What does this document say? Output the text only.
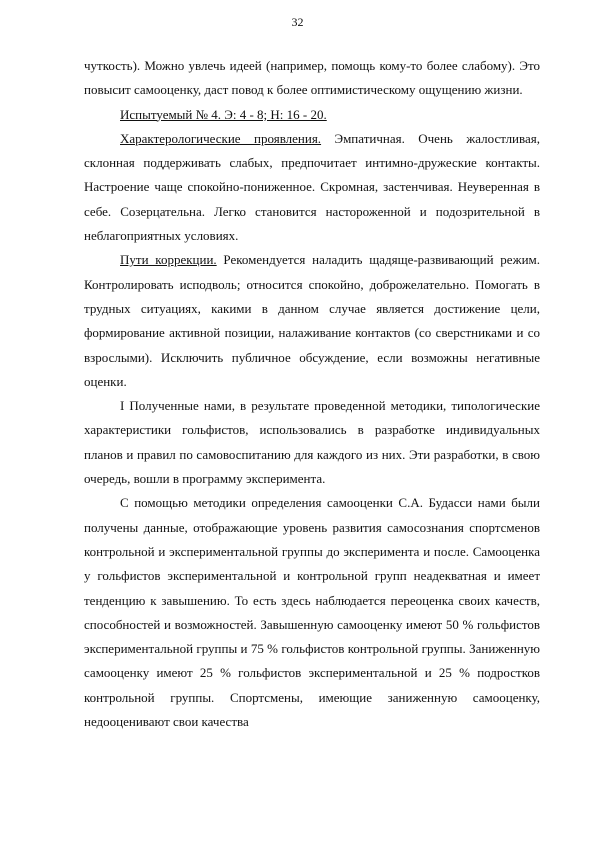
32

чуткость). Можно увлечь идеей (например, помощь кому-то более слабому). Это повысит самооценку, даст повод к более оптимистическому ощущению жизни.

Испытуемый № 4. Э: 4 - 8; Н: 16 - 20.

Характерологические проявления. Эмпатичная. Очень жалостливая, склонная поддерживать слабых, предпочитает интимно-дружеские контакты. Настроение чаще спокойно-пониженное. Скромная, застенчивая. Неуверенная в себе. Созерцательна. Легко становится настороженной и подозрительной в неблагоприятных условиях.

Пути коррекции. Рекомендуется наладить щадяще-развивающий режим. Контролировать исподволь; относится спокойно, доброжелательно. Помогать в трудных ситуациях, какими в данном случае является достижение цели, формирование активной позиции, налаживание контактов (со сверстниками и со взрослыми). Исключить публичное обсуждение, если возможны негативные оценки.

I Полученные нами, в результате проведенной методики, типологические характеристики гольфистов, использовались в разработке индивидуальных планов и правил по самовоспитанию для каждого из них. Эти разработки, в свою очередь, вошли в программу эксперимента.

С помощью методики определения самооценки С.А. Будасси нами были получены данные, отображающие уровень развития самосознания спортсменов контрольной и экспериментальной группы до эксперимента и после. Самооценка у гольфистов экспериментальной и контрольной групп неадекватная и имеет тенденцию к завышению. То есть здесь наблюдается переоценка своих качеств, способностей и возможностей. Завышенную самооценку имеют 50 % гольфистов экспериментальной группы и 75 % гольфистов контрольной группы. Заниженную самооценку имеют 25 % гольфистов экспериментальной и 25 % подростков контрольной группы. Спортсмены, имеющие заниженную самооценку, недооценивают свои качества
